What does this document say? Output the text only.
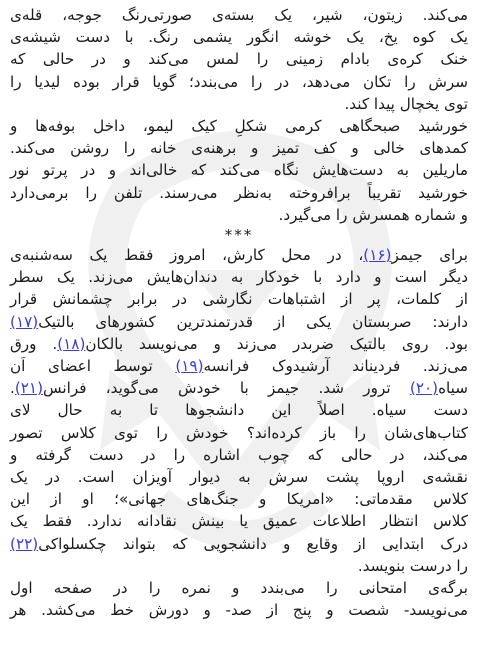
می‌کند. زیتون، شیر، یک بسته‌ی صورتی‌رنگ جوجه، قله‌ی
یک کوه یخ، یک خوشه انگور یشمی رنگ. با دست شیشه‌ی
خنک کره‌ی بادام زمینی را لمس می‌کند و در حالی که
سرش را تکان می‌دهد، در را می‌بندد؛ گویا قرار بوده لیدیا را
توی یخچال پیدا کند.

خورشید صبحگاهی کرمی شکلِ کیک لیمو، داخل بوفه‌ها و
کمدهای خالی و کف تمیز و برهنه‌ی خانه را روشن می‌کند.
ماریلین به دست‌هایش نگاه می‌کند که خالی‌اند و در پرتو نور
خورشید تقریباً برافروخته به‌نظر می‌رسند. تلفن را برمی‌دارد
و شماره همسرش را می‌گیرد.

***

برای جیمز(۱۶)، در محل کارش، امروز فقط یک سه‌شنبه‌ی
دیگر است و دارد با خودکار به دندان‌هایش می‌زند. یک سطر
از کلمات، پر از اشتباهات نگارشی در برابر چشمانش قرار
دارند: صربستان یکی از قدرتمندترین کشورهای بالتیک(۱۷)
بود. روی بالتیک ضربدر می‌زند و می‌نویسد بالکان(۱۸). ورق
می‌زند. فردیناند آرشیدوک فرانسه(۱۹) توسط اعضای اَن
سیاه(۲۰) ترور شد. جیمز با خودش می‌گوید، فرانس(۲۱).
دست سیاه. اصلاً این دانشجوها تا به حال لای
کتاب‌های‌شان را باز کرده‌اند؟ خودش را توی کلاس تصور
می‌کند، در حالی که چوب اشاره را در دست گرفته و
نقشه‌ی اروپا پشت سرش به دیوار آویزان است. در یک
کلاس مقدماتی: «امریکا و جنگ‌های جهانی»؛ او از این
کلاس انتظار اطلاعات عمیق یا بینش نقادانه ندارد. فقط یک
درک ابتدایی از وقایع و دانشجویی که بتواند چکسلواکی(۲۲)
را درست بنویسد.

برگه‌ی امتحانی را می‌بندد و نمره را در صفحه اول
می‌نویسد- شصت و پنج از صد- و دورش خط می‌کشد. هر
